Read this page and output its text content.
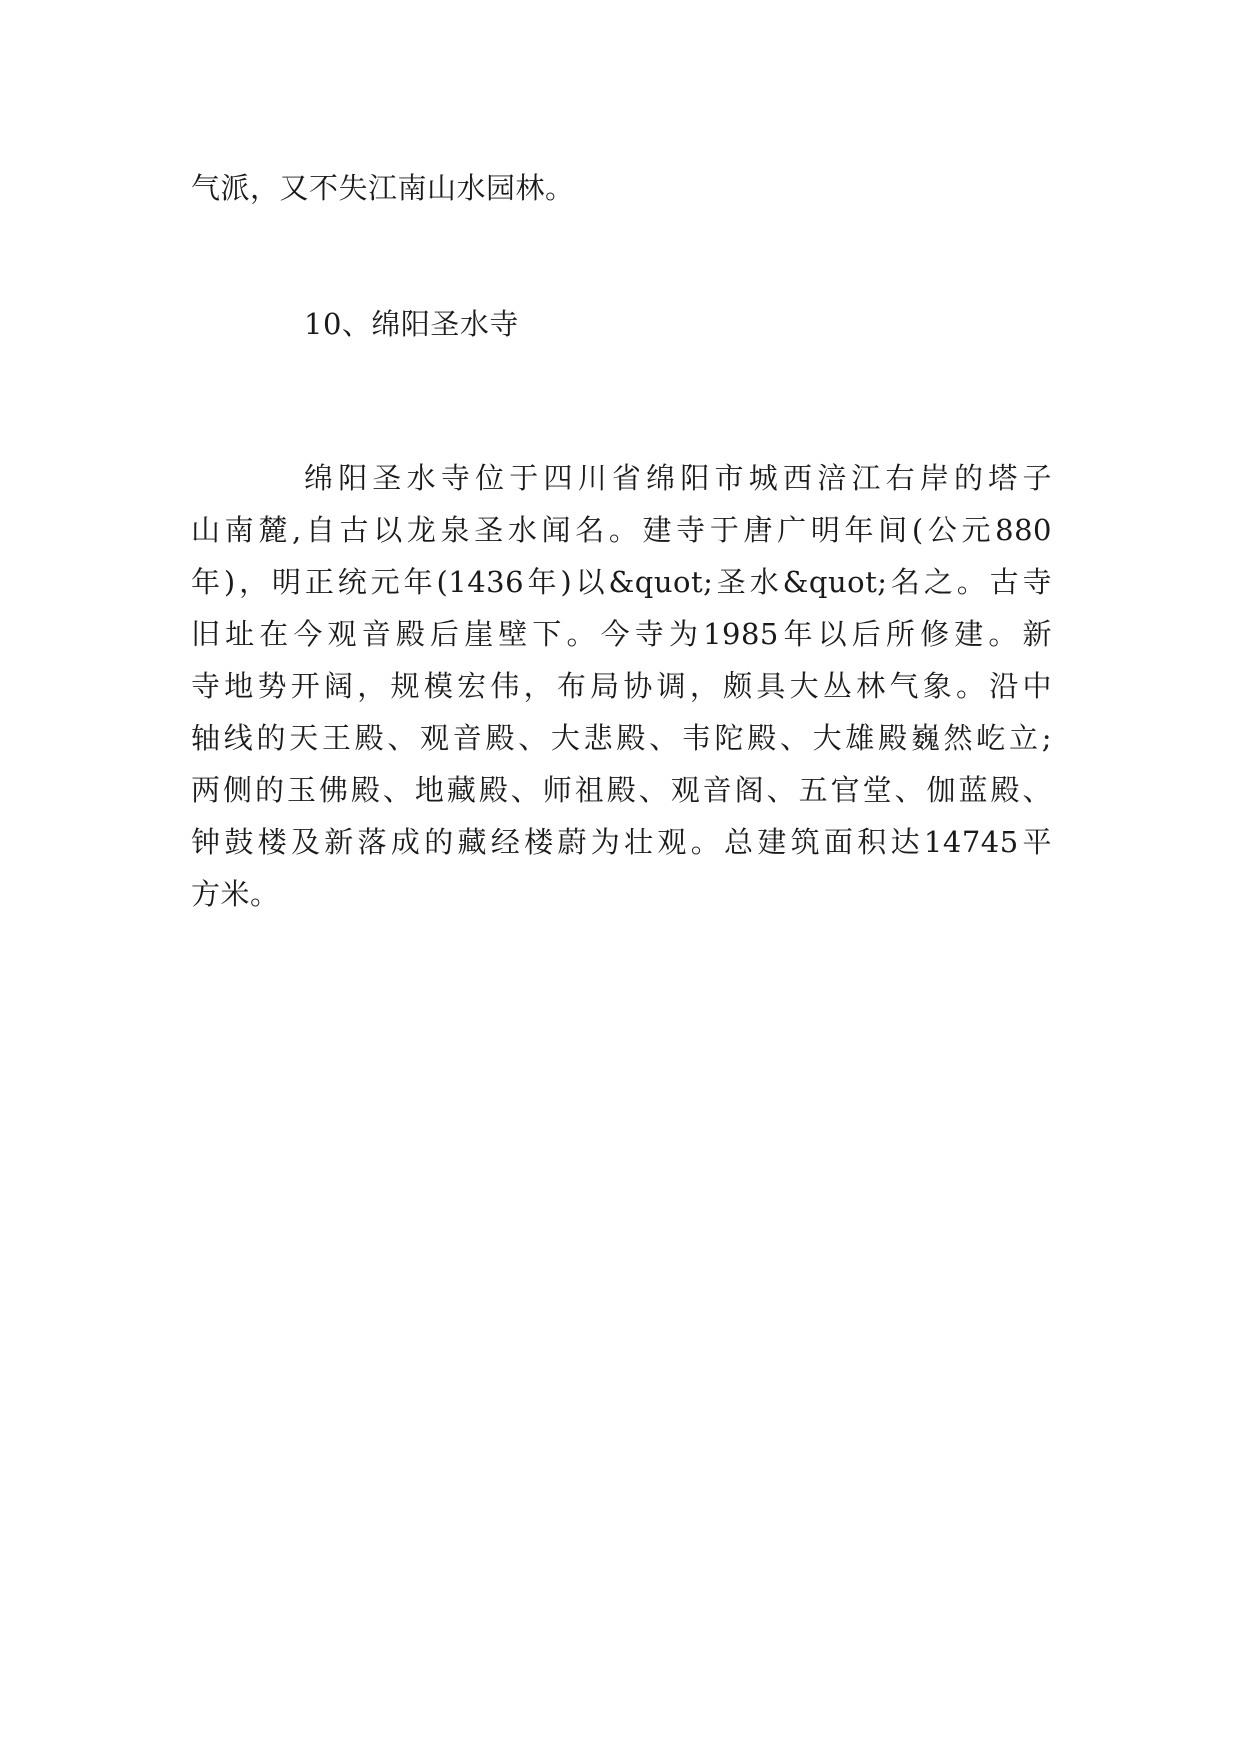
气派，又不失江南山水园林。
10、绵阳圣水寺
绵阳圣水寺位于四川省绵阳市城西涪江右岸的塔子
山南麓,自古以龙泉圣水闻名。建寺于唐广明年间(公元880
年)，明正统元年(1436年)以&quot;圣水&quot;名之。古寺
旧址在今观音殿后崖壁下。今寺为1985年以后所修建。新
寺地势开阔，规模宏伟，布局协调，颇具大丛林气象。沿中
轴线的天王殿、观音殿、大悲殿、韦陀殿、大雄殿巍然屹立;
两侧的玉佛殿、地藏殿、师祖殿、观音阁、五官堂、伽蓝殿、
钟鼓楼及新落成的藏经楼蔚为壮观。总建筑面积达14745平
方米。
